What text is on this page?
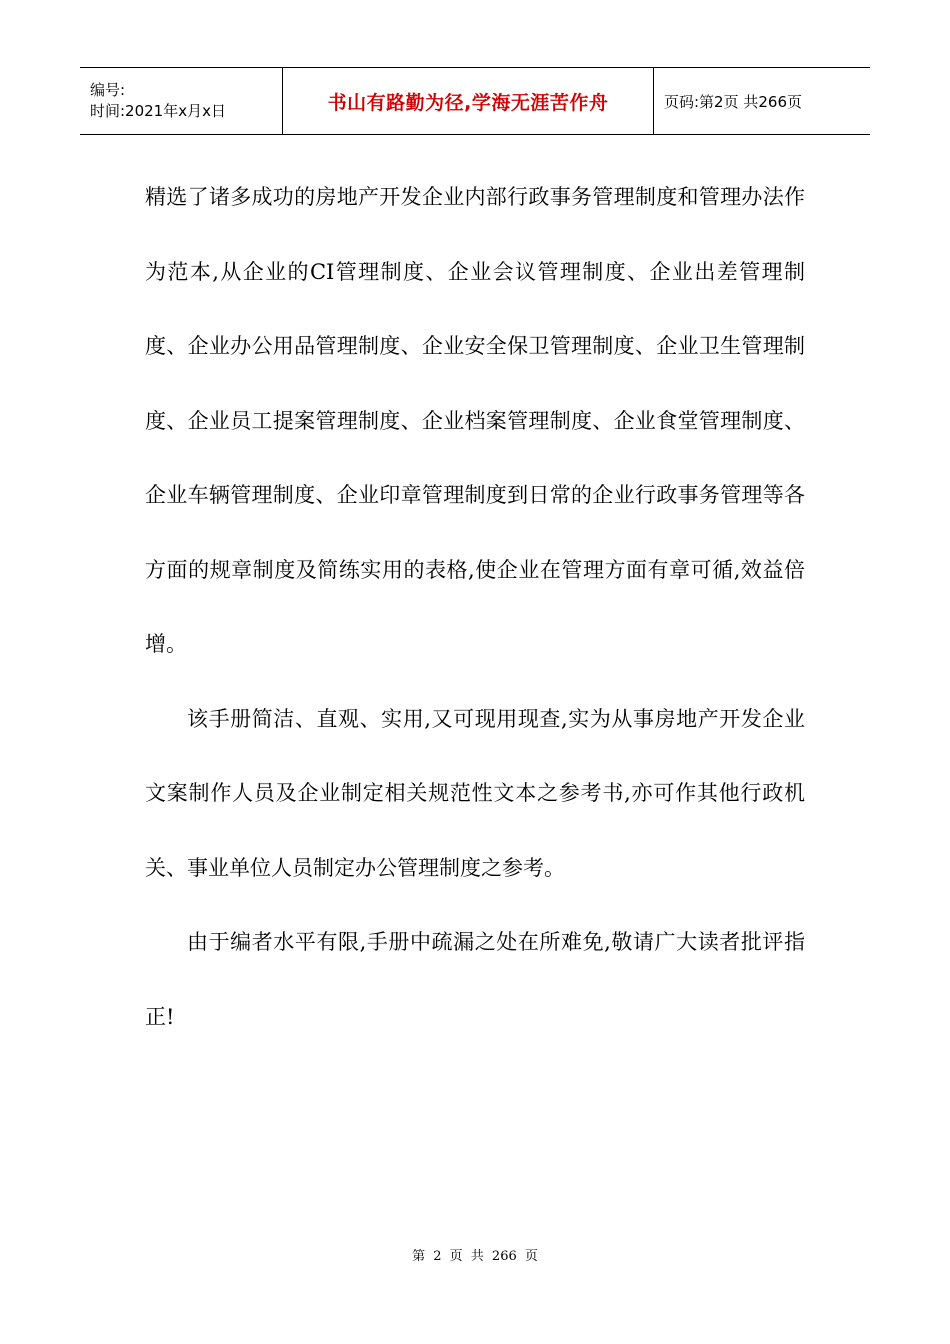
编号:
时间:2021年x月x日	书山有路勤为径,学海无涯苦作舟	页码:第2页 共266页

精选了诸多成功的房地产开发企业内部行政事务管理制度和管理办法作为范本,从企业的CI管理制度、企业会议管理制度、企业出差管理制度、企业办公用品管理制度、企业安全保卫管理制度、企业卫生管理制度、企业员工提案管理制度、企业档案管理制度、企业食堂管理制度、企业车辆管理制度、企业印章管理制度到日常的企业行政事务管理等各方面的规章制度及简练实用的表格,使企业在管理方面有章可循,效益倍增。

该手册简洁、直观、实用,又可现用现查,实为从事房地产开发企业文案制作人员及企业制定相关规范性文本之参考书,亦可作其他行政机关、事业单位人员制定办公管理制度之参考。

由于编者水平有限,手册中疏漏之处在所难免,敬请广大读者批评指正!

第 2 页 共 266 页
